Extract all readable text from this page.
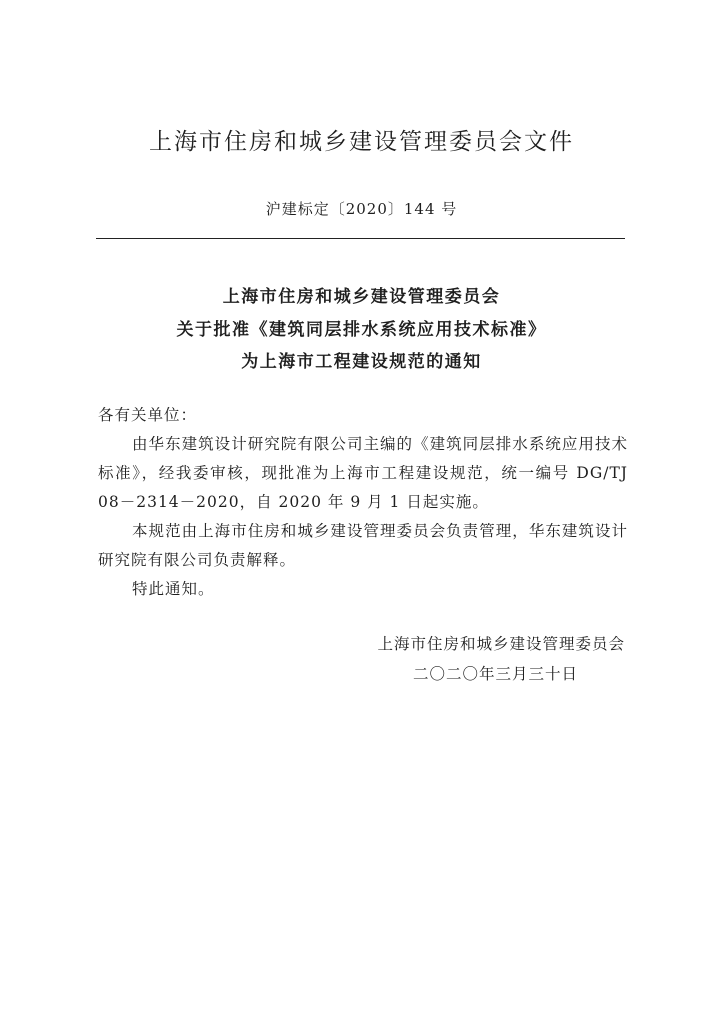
上海市住房和城乡建设管理委员会文件
沪建标定〔2020〕144 号
上海市住房和城乡建设管理委员会
关于批准《建筑同层排水系统应用技术标准》
为上海市工程建设规范的通知

各有关单位：

由华东建筑设计研究院有限公司主编的《建筑同层排水系统应用技术标准》，经我委审核，现批准为上海市工程建设规范，统一编号 DG/TJ 08－2314－2020，自 2020 年 9 月 1 日起实施。

本规范由上海市住房和城乡建设管理委员会负责管理，华东建筑设计研究院有限公司负责解释。

特此通知。

上海市住房和城乡建设管理委员会
二〇二〇年三月三十日
